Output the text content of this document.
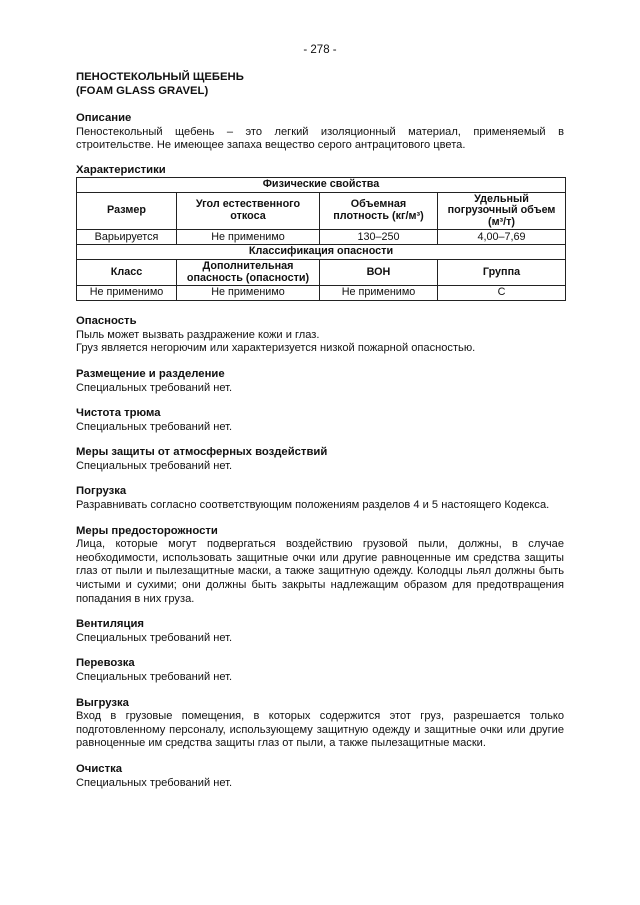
- 278 -
ПЕНОСТЕКОЛЬНЫЙ ЩЕБЕНЬ
(FOAM GLASS GRAVEL)
Описание

Пеностекольный щебень – это легкий изоляционный материал, применяемый в строительстве. Не имеющее запаха вещество серого антрацитового цвета.

Характеристики
Физические свойства			
Размер	Угол естественного откоса	Объемная плотность (кг/м³)	Удельный погрузочный объем (м³/т)
Варьируется	Не применимо	130–250	4,00–7,69
Классификация опасности			
Класс	Дополнительная опасность (опасности)	ВОН	Группа
Не применимо	Не применимо	Не применимо	C
Опасность

Пыль может вызвать раздражение кожи и глаз.

Груз является негорючим или характеризуется низкой пожарной опасностью.

Размещение и разделение

Специальных требований нет.

Чистота трюма

Специальных требований нет.

Меры защиты от атмосферных воздействий

Специальных требований нет.

Погрузка

Разравнивать согласно соответствующим положениям разделов 4 и 5 настоящего Кодекса.

Меры предосторожности

Лица, которые могут подвергаться воздействию грузовой пыли, должны, в случае необходимости, использовать защитные очки или другие равноценные им средства защиты глаз от пыли и пылезащитные маски, а также защитную одежду. Колодцы льял должны быть чистыми и сухими; они должны быть закрыты надлежащим образом для предотвращения попадания в них груза.

Вентиляция

Специальных требований нет.

Перевозка

Специальных требований нет.

Выгрузка

Вход в грузовые помещения, в которых содержится этот груз, разрешается только подготовленному персоналу, использующему защитную одежду и защитные очки или другие равноценные им средства защиты глаз от пыли, а также пылезащитные маски.

Очистка

Специальных требований нет.
